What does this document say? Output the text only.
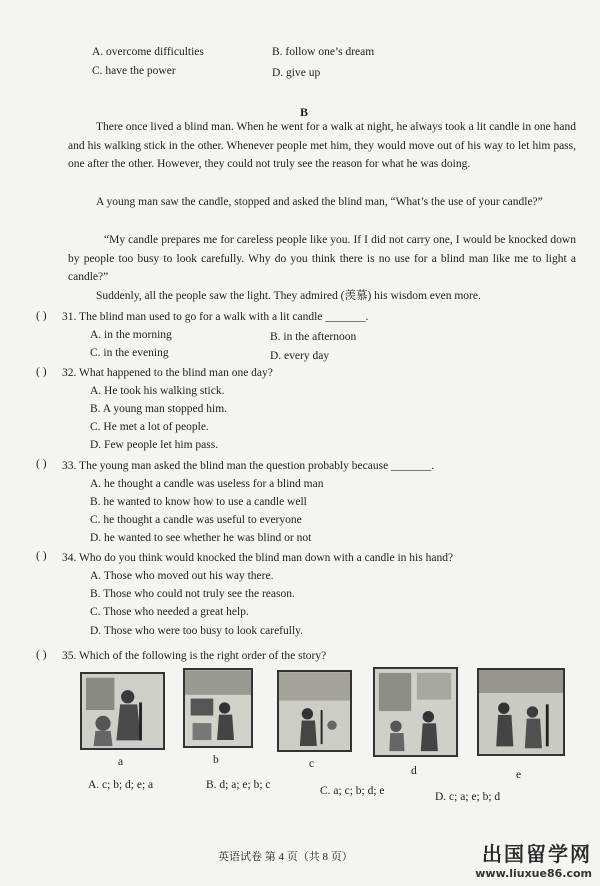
A. overcome difficulties	B. follow one’s dream
C. have the power	D. give up
B
There once lived a blind man. When he went for a walk at night, he always took a lit candle in one hand and his walking stick in the other. Whenever people met him, they would move out of his way to let him pass, one after the other. However, they could not truly see the reason for what he was doing.
A young man saw the candle, stopped and asked the blind man, “What’s the use of your candle?”
“My candle prepares me for careless people like you. If I did not carry one, I would be knocked down by people too busy to look carefully. Why do you think there is no use for a blind man like me to light a candle?”
Suddenly, all the people saw the light. They admired (羡慕) his wisdom even more.
( ) 31. The blind man used to go for a walk with a lit candle _______.
A. in the morning	B. in the afternoon
C. in the evening	D. every day
( ) 32. What happened to the blind man one day?
A. He took his walking stick.
B. A young man stopped him.
C. He met a lot of people.
D. Few people let him pass.
( ) 33. The young man asked the blind man the question probably because _______.
A. he thought a candle was useless for a blind man
B. he wanted to know how to use a candle well
C. he thought a candle was useful to everyone
D. he wanted to see whether he was blind or not
( ) 34. Who do you think would knocked the blind man down with a candle in his hand?
A. Those who moved out his way there.
B. Those who could not truly see the reason.
C. Those who needed a great help.
D. Those who were too busy to look carefully.
( ) 35. Which of the following is the right order of the story?
a	b	c
d	e
A. c; b; d; e; a	B. d; a; e; b; c	C. a; c; b; d; e	D. c; a; e; b; d
英语试卷 第 4 页（共 8 页）	出国留学网
www.liuxue86.com
